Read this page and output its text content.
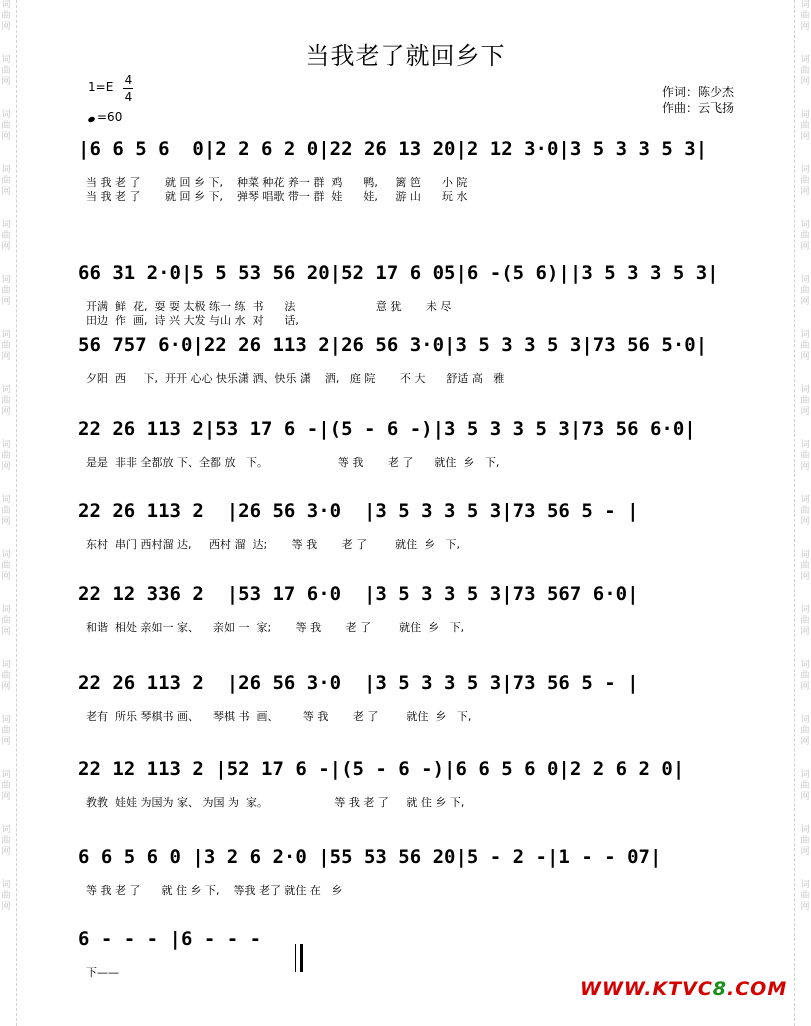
词
曲
网

词
曲
网

词
曲
网

词
曲
网

词
曲
网

词
曲
网

词
曲
网

词
曲
网

词
曲
网

词
曲
网

词
曲
网

词
曲
网

词
曲
网

词
曲
网

词
曲
网

词
曲
网

词
曲
网
词
曲
网

词
曲
网

词
曲
网

词
曲
网

词
曲
网

词
曲
网

词
曲
网

词
曲
网

词
曲
网

词
曲
网

词
曲
网

词
曲
网

词
曲
网

词
曲
网

词
曲
网

词
曲
网

词
曲
网
当我老了就回乡下
1=E 4
4
=60
作词：陈少杰
作曲：云飞扬
|6 6 5 6  0|2 2 6 2 0|22 26 13 20|2 12 3·0|3 5 3 3 5 3|
当 我 老 了       就 回 乡 下,    种菜 种花 养一 群  鸡      鸭,     篱 笆      小 院
当 我 老 了       就 回 乡 下,    弹琴 唱歌 带一 群  娃      娃,     游 山      玩 水
66 31 2·0|5 5 53 56 20|52 17 6 05|6 -(5 6)||3 5 3 3 5 3|
开满  鲜  花,  耍 耍 太极 练一 练  书      法                       意 犹       未 尽
田边  作  画,  诗 兴 大发 与山 水  对      话,
56 757 6·0|22 26 113 2|26 56 3·0|3 5 3 3 5 3|73 56 5·0|
夕阳  西     下,  开开 心心 快乐潇 洒、快乐 潇    洒,   庭 院       不 大      舒适 高   雅
22 26 113 2|53 17 6 -|(5 - 6 -)|3 5 3 3 5 3|73 56 6·0|
是是  非非 全都放 下、全都 放   下。                    等 我       老 了      就住  乡   下,
22 26 113 2  |26 56 3·0  |3 5 3 3 5 3|73 56 5 - |
东村  串门 西村溜 达,     西村 溜  达;       等 我       老 了        就住  乡   下,
22 12 336 2  |53 17 6·0  |3 5 3 3 5 3|73 567 6·0|
和谐  相处 亲如一 家、    亲如 一  家;       等 我       老 了        就住  乡   下,
22 26 113 2  |26 56 3·0  |3 5 3 3 5 3|73 56 5 - |
老有  所乐 琴棋书 画、    琴棋 书  画、       等 我       老 了        就住  乡   下,
22 12 113 2 |52 17 6 -|(5 - 6 -)|6 6 5 6 0|2 2 6 2 0|
教教  娃娃 为国为 家、 为国 为  家。                   等 我 老 了     就 住 乡 下,
6 6 5 6 0 |3 2 6 2·0 |55 53 56 20|5 - 2 -|1 - - 07|
等 我 老 了      就 住 乡 下,    等我 老了 就住 在   乡
6 - - - |6 - - -
下——
WWW.KTVC8.COM
